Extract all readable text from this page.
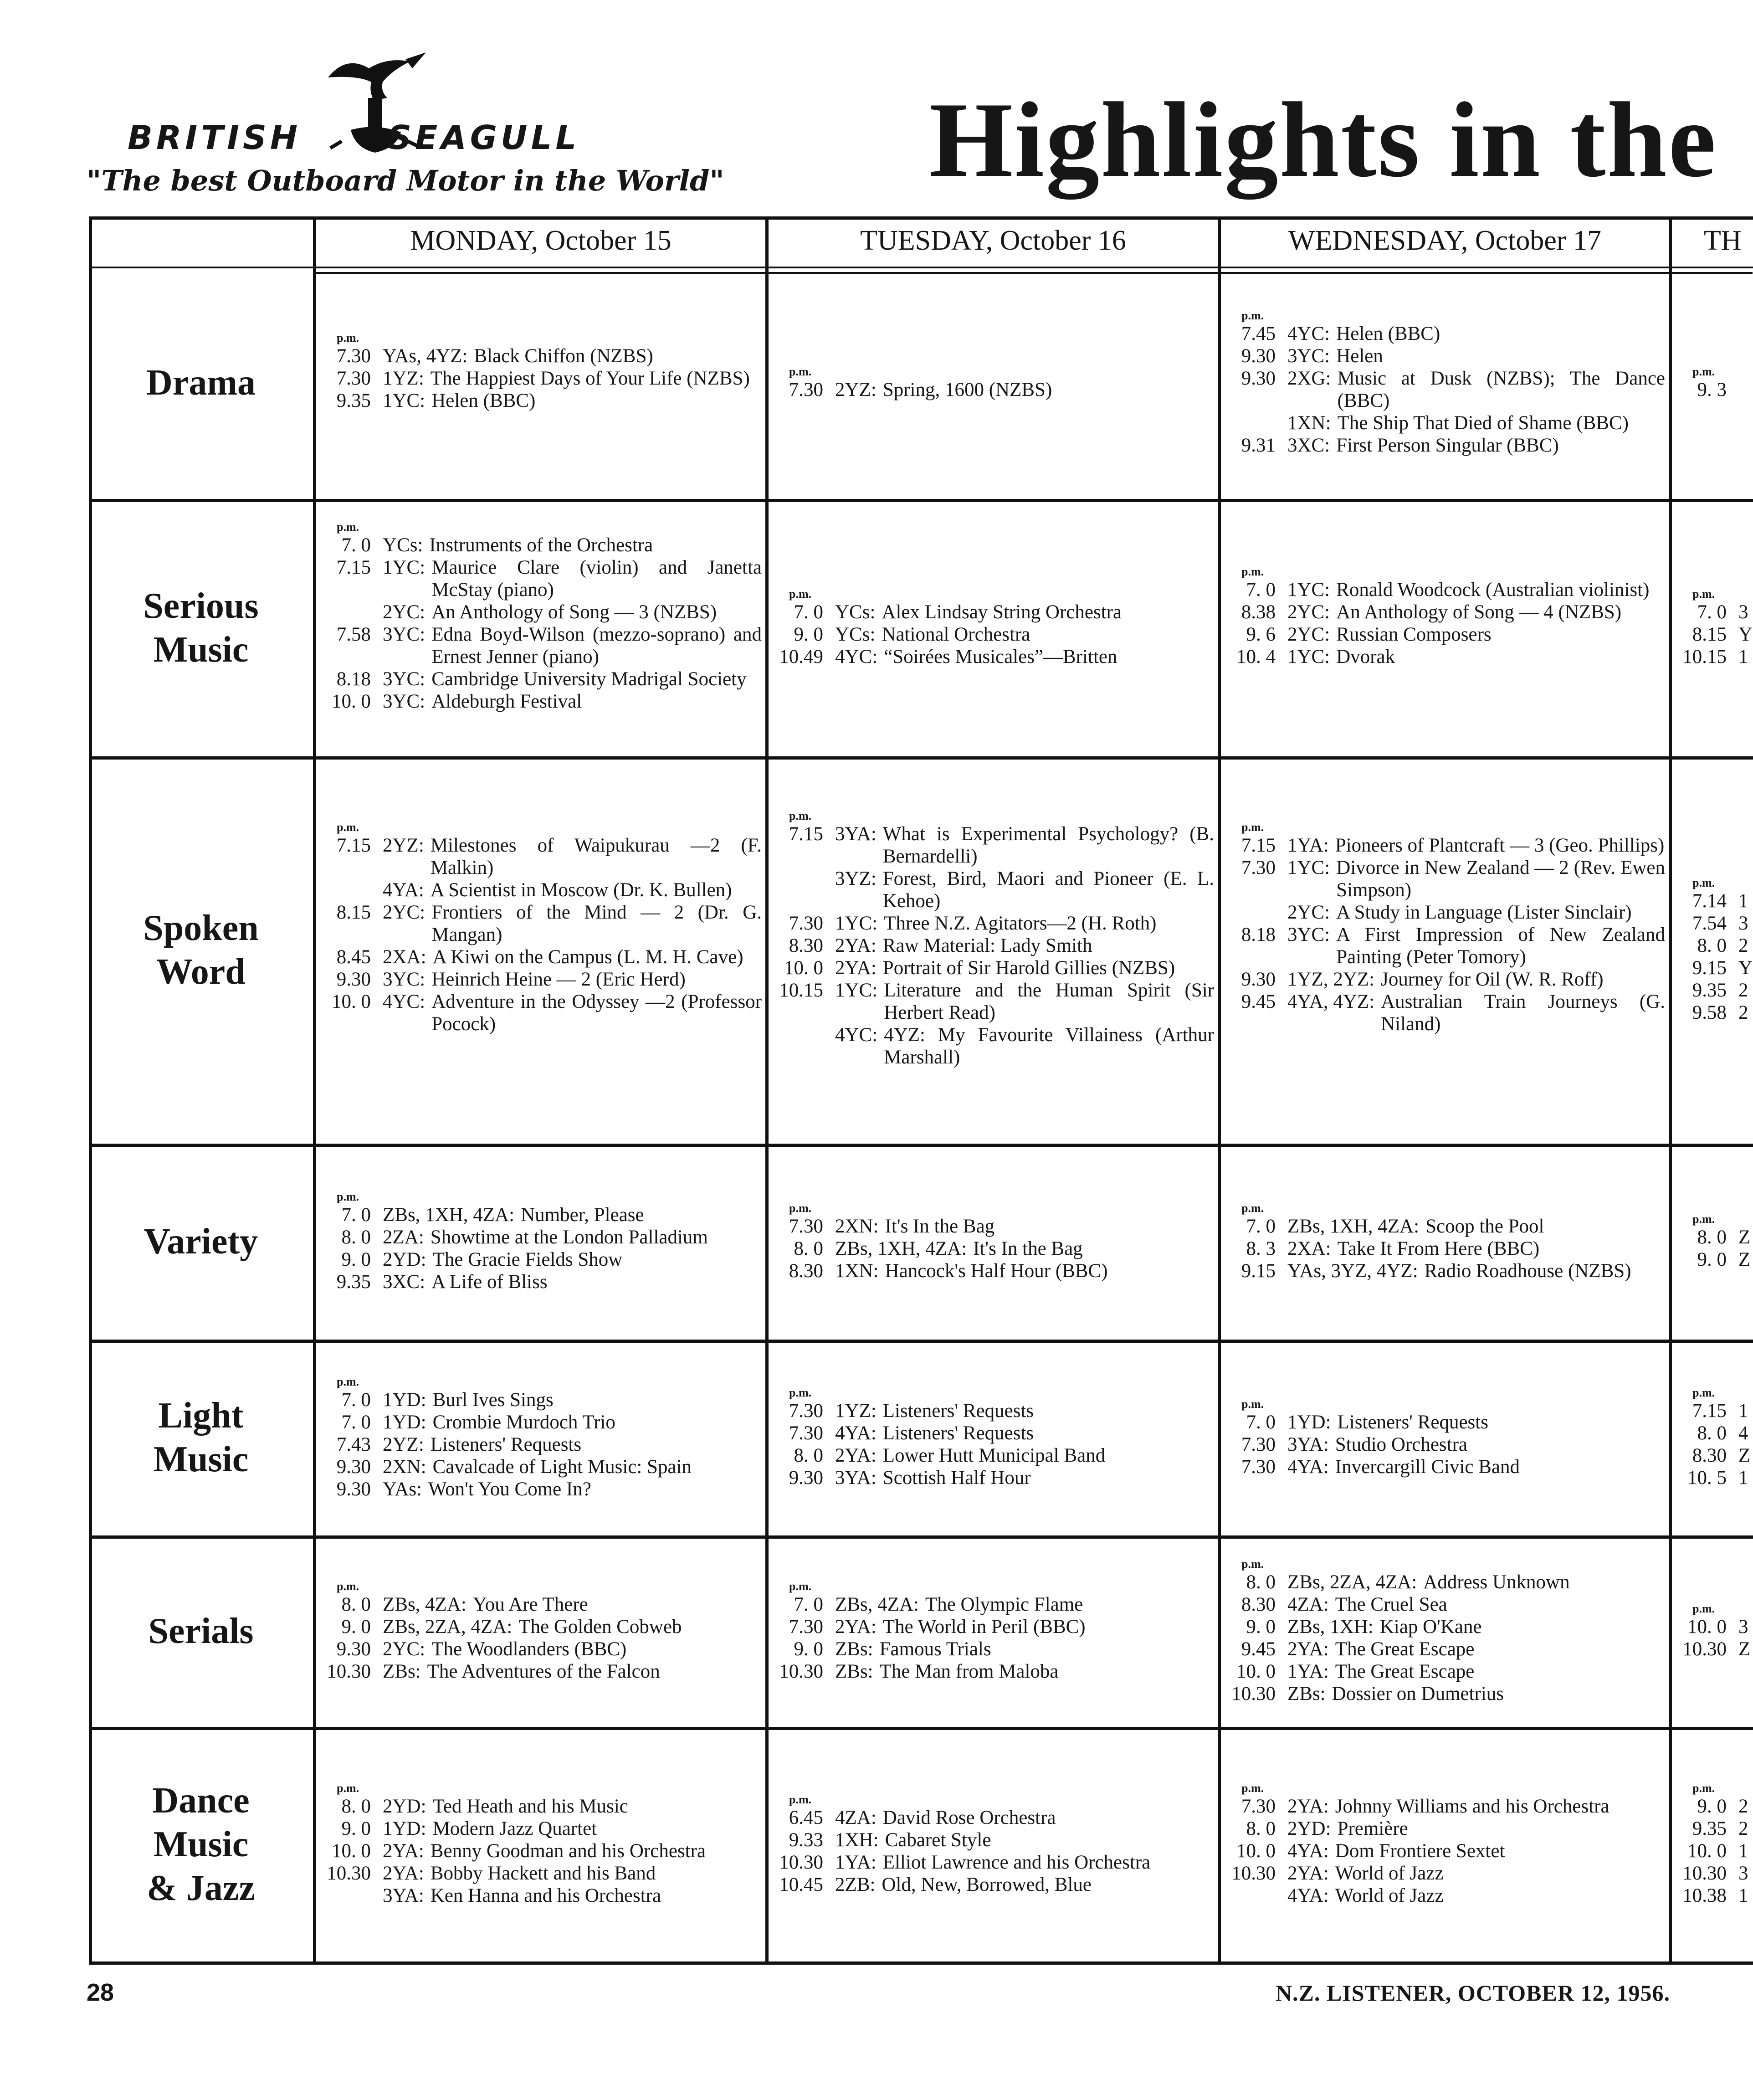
BRITISH	SEAGULL
"The best Outboard Motor in the World" Highlights in the
MONDAY, October 15	TUESDAY, October 16	WEDNESDAY, October 17	TH
Drama
p.m.
7.30 YAs, 4YZ: Black Chiffon (NZBS)
7.30 1YZ: The Happiest Days of Your Life (NZBS)
9.35 1YC: Helen (BBC)
p.m.
7.30 2YZ: Spring, 1600 (NZBS)
p.m.
7.45 4YC: Helen (BBC)
9.30 3YC: Helen
9.30 2XG: Music at Dusk (NZBS); The Dance (BBC)
1XN: The Ship That Died of Shame (BBC)
9.31 3XC: First Person Singular (BBC)
p.m.
9. 3
Serious
Music
p.m.
7. 0 YCs: Instruments of the Orchestra
7.15 1YC: Maurice Clare (violin) and Janetta McStay (piano)
2YC: An Anthology of Song — 3 (NZBS)
7.58 3YC: Edna Boyd-Wilson (mezzo-soprano) and Ernest Jenner (piano)
8.18 3YC: Cambridge University Madrigal Society
10. 0 3YC: Aldeburgh Festival
p.m.
7. 0 YCs: Alex Lindsay String Orchestra
9. 0 YCs: National Orchestra
10.49 4YC: “Soirées Musicales”—Britten
p.m.
7. 0 1YC: Ronald Woodcock (Australian violinist)
8.38 2YC: An Anthology of Song — 4 (NZBS)
9. 6 2YC: Russian Composers
10. 4 1YC: Dvorak
p.m.
7. 0 3
8.15 Y
10.15 1
Spoken
Word
p.m.
7.15 2YZ: Milestones of Waipukurau —2 (F. Malkin)
4YA: A Scientist in Moscow (Dr. K. Bullen)
8.15 2YC: Frontiers of the Mind — 2 (Dr. G. Mangan)
8.45 2XA: A Kiwi on the Campus (L. M. H. Cave)
9.30 3YC: Heinrich Heine — 2 (Eric Herd)
10. 0 4YC: Adventure in the Odyssey —2 (Professor Pocock)
p.m.
7.15 3YA: What is Experimental Psychology? (B. Bernardelli)
3YZ: Forest, Bird, Maori and Pioneer (E. L. Kehoe)
7.30 1YC: Three N.Z. Agitators—2 (H. Roth)
8.30 2YA: Raw Material: Lady Smith
10. 0 2YA: Portrait of Sir Harold Gillies (NZBS)
10.15 1YC: Literature and the Human Spirit (Sir Herbert Read)
4YC: 4YZ: My Favourite Villainess (Arthur Marshall)
p.m.
7.15 1YA: Pioneers of Plantcraft — 3 (Geo. Phillips)
7.30 1YC: Divorce in New Zealand — 2 (Rev. Ewen Simpson)
2YC: A Study in Language (Lister Sinclair)
8.18 3YC: A First Impression of New Zealand Painting (Peter Tomory)
9.30 1YZ, 2YZ: Journey for Oil (W. R. Roff)
9.45 4YA, 4YZ: Australian Train Journeys (G. Niland)
p.m.
7.14 1
7.54 3
8. 0 2
9.15 Y
9.35 2
9.58 2
Variety
p.m.
7. 0 ZBs, 1XH, 4ZA: Number, Please
8. 0 2ZA: Showtime at the London Palladium
9. 0 2YD: The Gracie Fields Show
9.35 3XC: A Life of Bliss
p.m.
7.30 2XN: It's In the Bag
8. 0 ZBs, 1XH, 4ZA: It's In the Bag
8.30 1XN: Hancock's Half Hour (BBC)
p.m.
7. 0 ZBs, 1XH, 4ZA: Scoop the Pool
8. 3 2XA: Take It From Here (BBC)
9.15 YAs, 3YZ, 4YZ: Radio Roadhouse (NZBS)
p.m.
8. 0 Z
9. 0 Z
Light
Music
p.m.
7. 0 1YD: Burl Ives Sings
7. 0 1YD: Crombie Murdoch Trio
7.43 2YZ: Listeners' Requests
9.30 2XN: Cavalcade of Light Music: Spain
9.30 YAs: Won't You Come In?
p.m.
7.30 1YZ: Listeners' Requests
7.30 4YA: Listeners' Requests
8. 0 2YA: Lower Hutt Municipal Band
9.30 3YA: Scottish Half Hour
p.m.
7. 0 1YD: Listeners' Requests
7.30 3YA: Studio Orchestra
7.30 4YA: Invercargill Civic Band
p.m.
7.15 1
8. 0 4
8.30 Z
10. 5 1
Serials
p.m.
8. 0 ZBs, 4ZA: You Are There
9. 0 ZBs, 2ZA, 4ZA: The Golden Cobweb
9.30 2YC: The Woodlanders (BBC)
10.30 ZBs: The Adventures of the Falcon
p.m.
7. 0 ZBs, 4ZA: The Olympic Flame
7.30 2YA: The World in Peril (BBC)
9. 0 ZBs: Famous Trials
10.30 ZBs: The Man from Maloba
p.m.
8. 0 ZBs, 2ZA, 4ZA: Address Unknown
8.30 4ZA: The Cruel Sea
9. 0 ZBs, 1XH: Kiap O'Kane
9.45 2YA: The Great Escape
10. 0 1YA: The Great Escape
10.30 ZBs: Dossier on Dumetrius
p.m.
10. 0 3
10.30 Z
Dance
Music
& Jazz
p.m.
8. 0 2YD: Ted Heath and his Music
9. 0 1YD: Modern Jazz Quartet
10. 0 2YA: Benny Goodman and his Orchestra
10.30 2YA: Bobby Hackett and his Band
3YA: Ken Hanna and his Orchestra
p.m.
6.45 4ZA: David Rose Orchestra
9.33 1XH: Cabaret Style
10.30 1YA: Elliot Lawrence and his Orchestra
10.45 2ZB: Old, New, Borrowed, Blue
p.m.
7.30 2YA: Johnny Williams and his Orchestra
8. 0 2YD: Première
10. 0 4YA: Dom Frontiere Sextet
10.30 2YA: World of Jazz
4YA: World of Jazz
p.m.
9. 0 2
9.35 2
10. 0 1
10.30 3
10.38 1
28	N.Z. LISTENER, OCTOBER 12, 1956.
